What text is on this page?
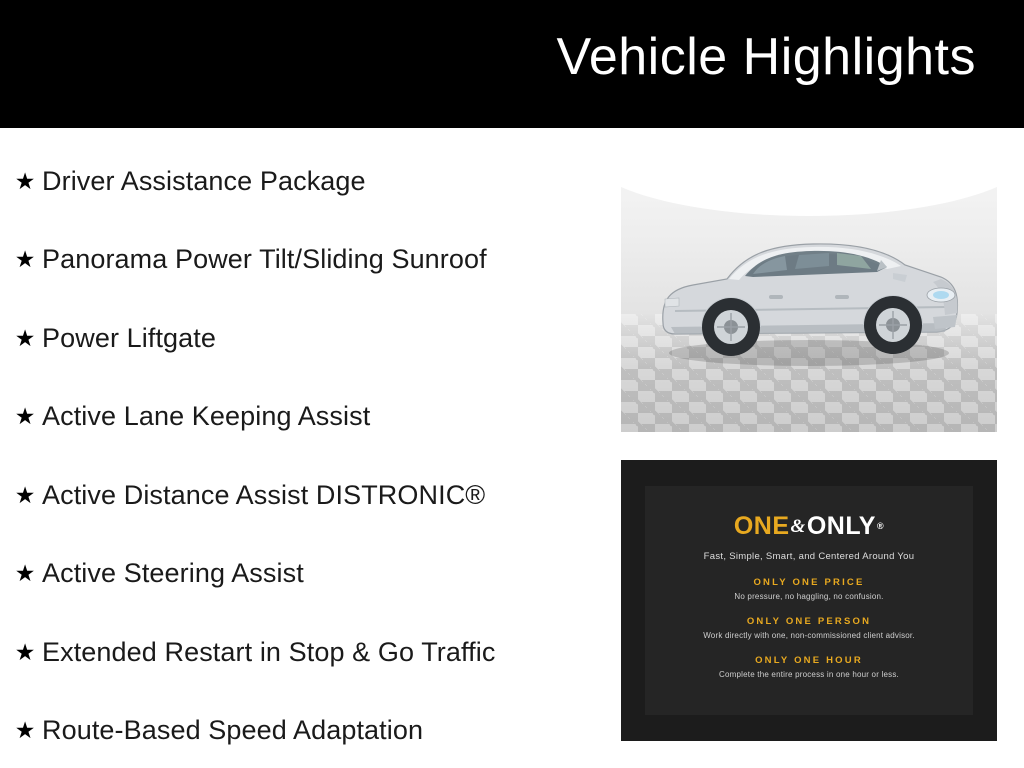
Vehicle Highlights
★ Driver Assistance Package
★ Panorama Power Tilt/Sliding Sunroof
★ Power Liftgate
★ Active Lane Keeping Assist
★ Active Distance Assist DISTRONIC®
★ Active Steering Assist
★ Extended Restart in Stop & Go Traffic
★ Route-Based Speed Adaptation
ONE & ONLY ®
Fast, Simple, Smart, and Centered Around You
ONLY ONE PRICE
No pressure, no haggling, no confusion.
ONLY ONE PERSON
Work directly with one, non-commissioned client advisor.
ONLY ONE HOUR
Complete the entire process in one hour or less.
